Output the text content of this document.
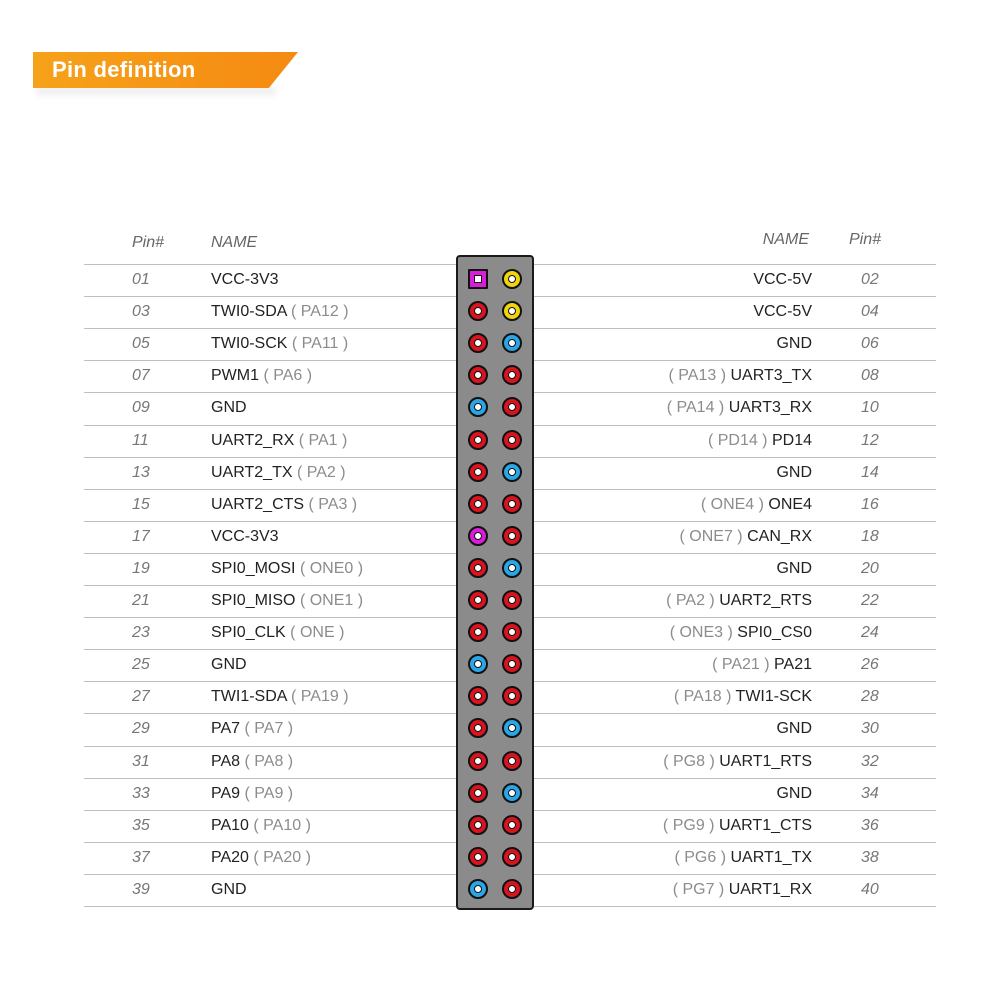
Pin definition
Pin#	NAME	NAME Pin#
01	VCC-3V3	VCC-5V	02
03	TWI0-SDA ( PA12 )	VCC-5V	04
05	TWI0-SCK ( PA11 )	GND	06
07	PWM1 ( PA6 )	( PA13 ) UART3_TX	08
09	GND	( PA14 ) UART3_RX	10
11	UART2_RX ( PA1 )	( PD14 ) PD14	12
13	UART2_TX ( PA2 )	GND	14
15	UART2_CTS ( PA3 )	( ONE4 ) ONE4	16
17	VCC-3V3	( ONE7 ) CAN_RX	18
19	SPI0_MOSI ( ONE0 )	GND	20
21	SPI0_MISO ( ONE1 )	( PA2 ) UART2_RTS	22
23	SPI0_CLK ( ONE )	( ONE3 ) SPI0_CS0	24
25	GND	( PA21 ) PA21	26
27	TWI1-SDA ( PA19 )	( PA18 ) TWI1-SCK	28
29	PA7 ( PA7 )	GND	30
31	PA8 ( PA8 )	( PG8 ) UART1_RTS	32
33	PA9 ( PA9 )	GND	34
35	PA10 ( PA10 )	( PG9 ) UART1_CTS	36
37	PA20 ( PA20 )	( PG6 ) UART1_TX	38
39	GND	( PG7 ) UART1_RX	40
